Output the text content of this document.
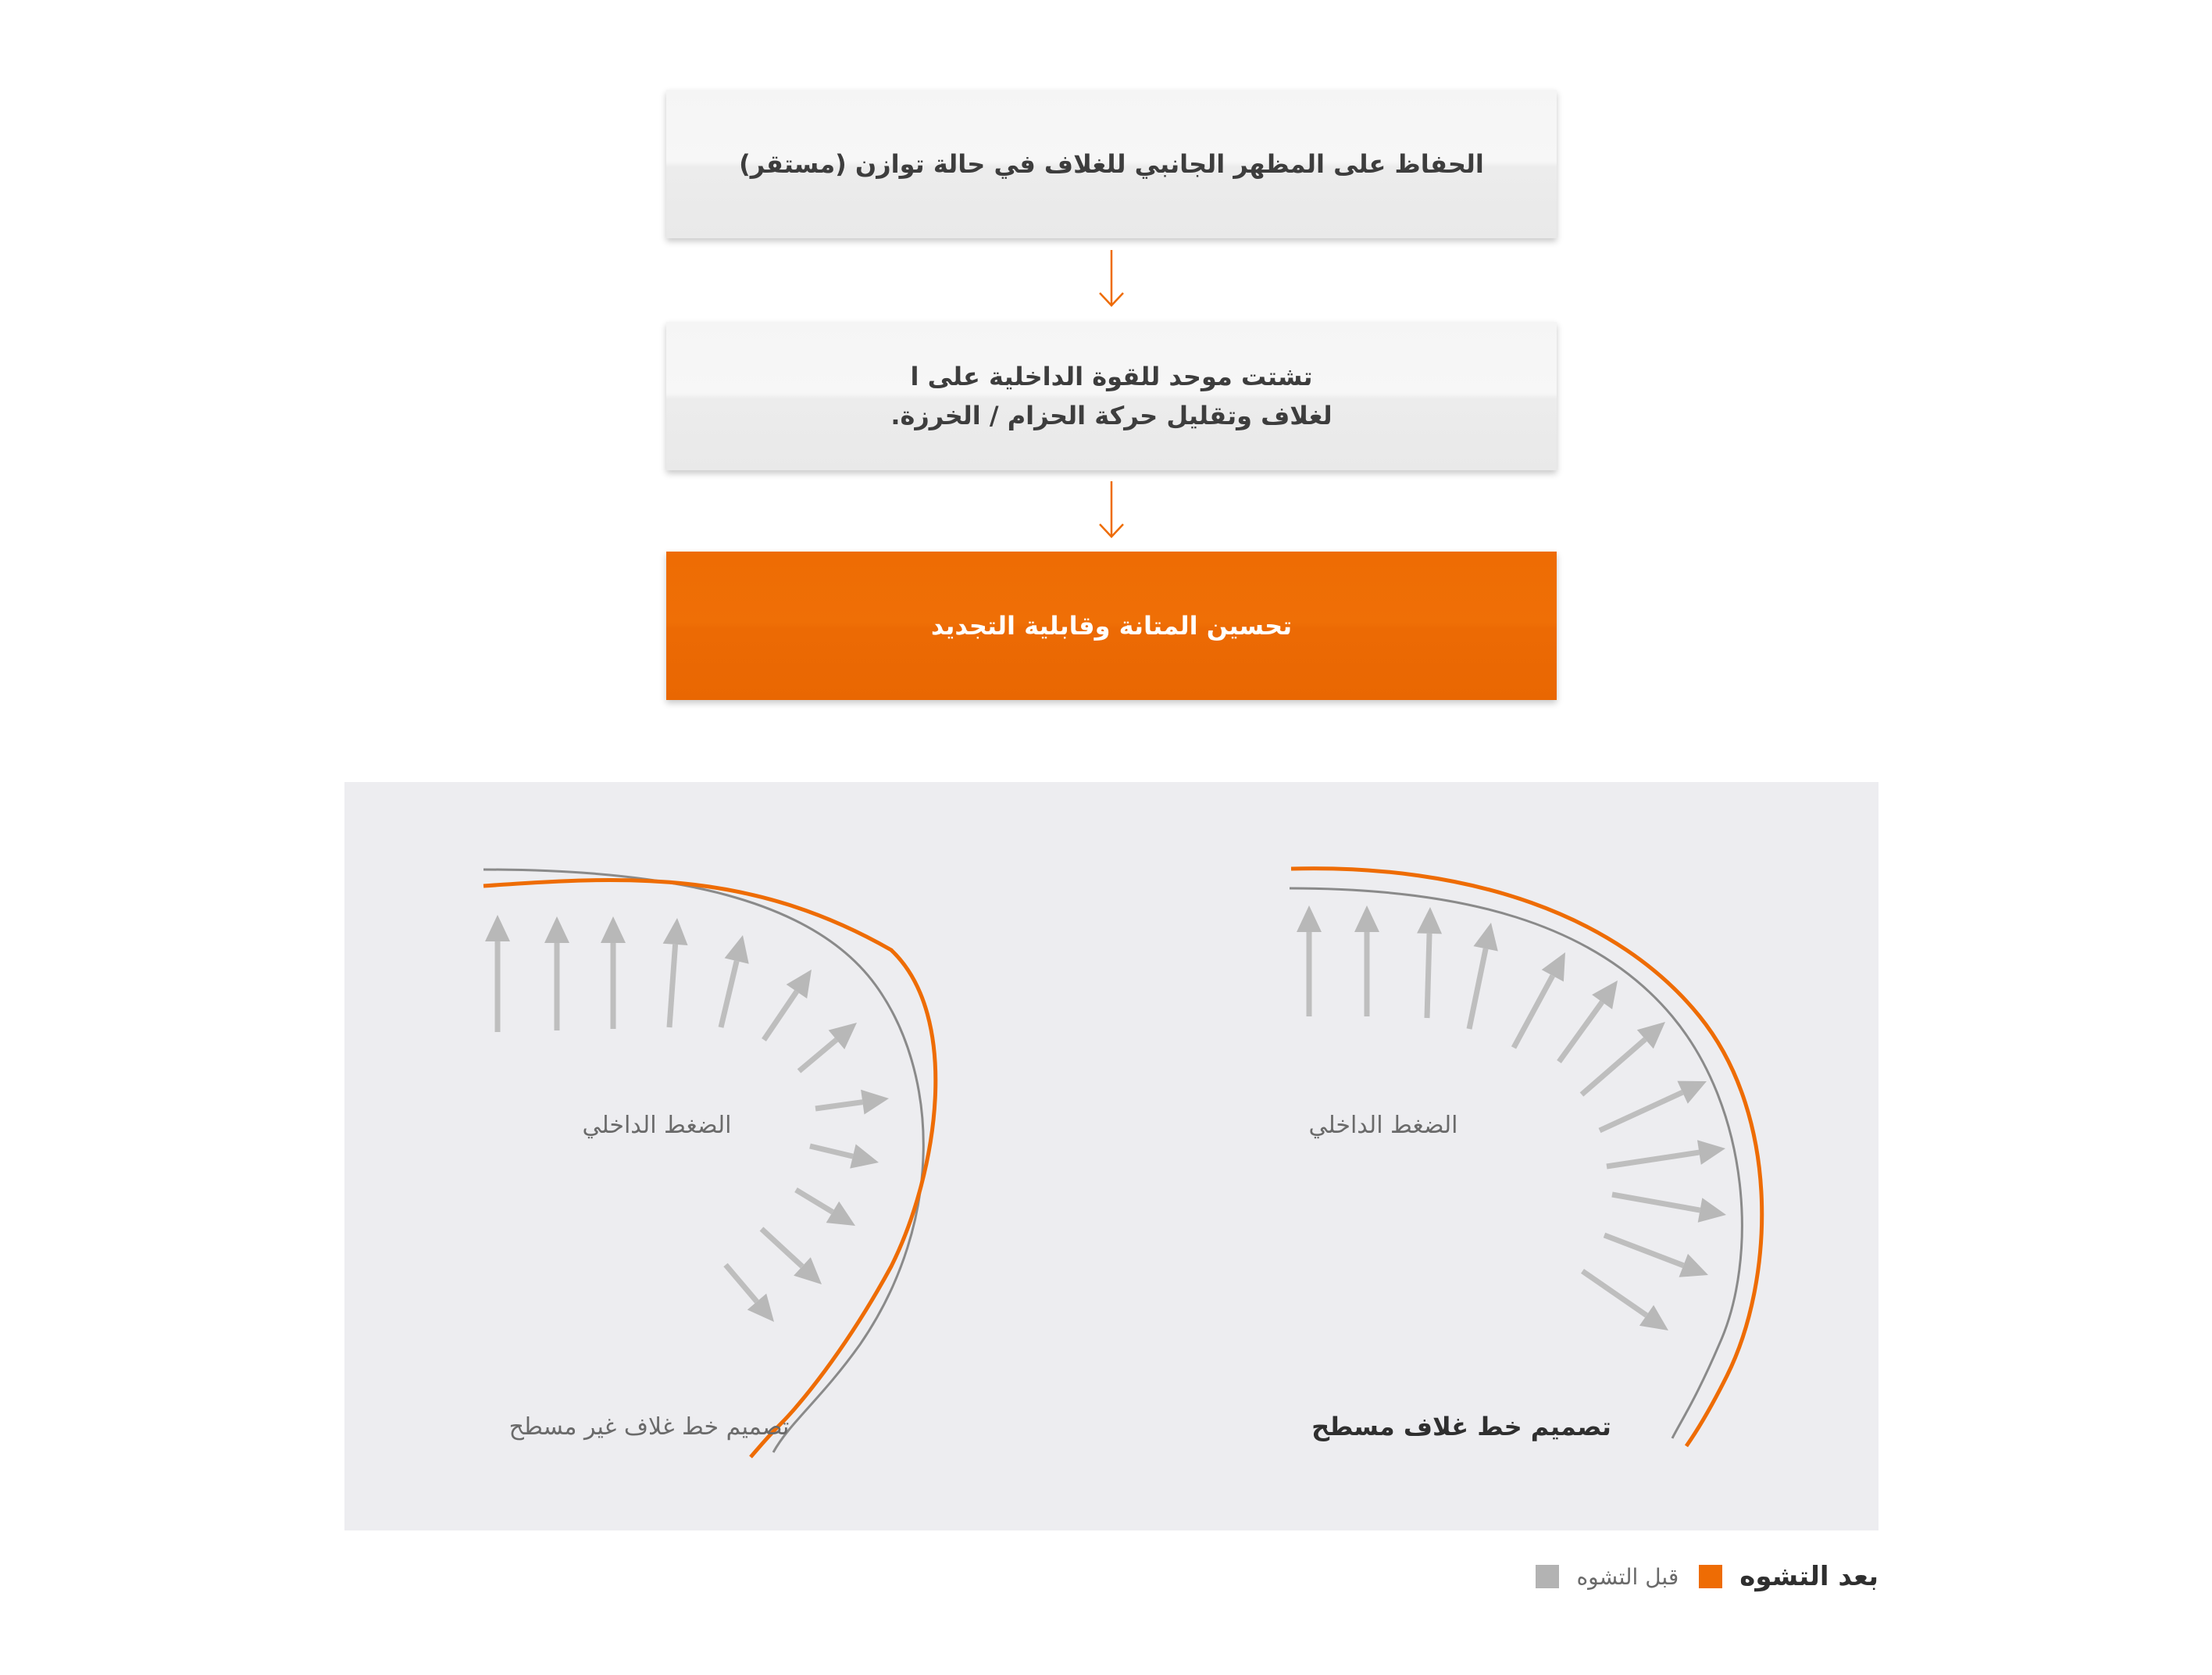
الحفاظ على المظهر الجانبي للغلاف في حالة توازن (مستقر)
تشتت موحد للقوة الداخلية على ا
لغلاف وتقليل حركة الحزام / الخرزة.
تحسين المتانة وقابلية التجديد
الضغط الداخلي	الضغط الداخلي
تصميم خط غلاف غير مسطح	تصميم خط غلاف مسطح
بعد التشوه
قبل التشوه
